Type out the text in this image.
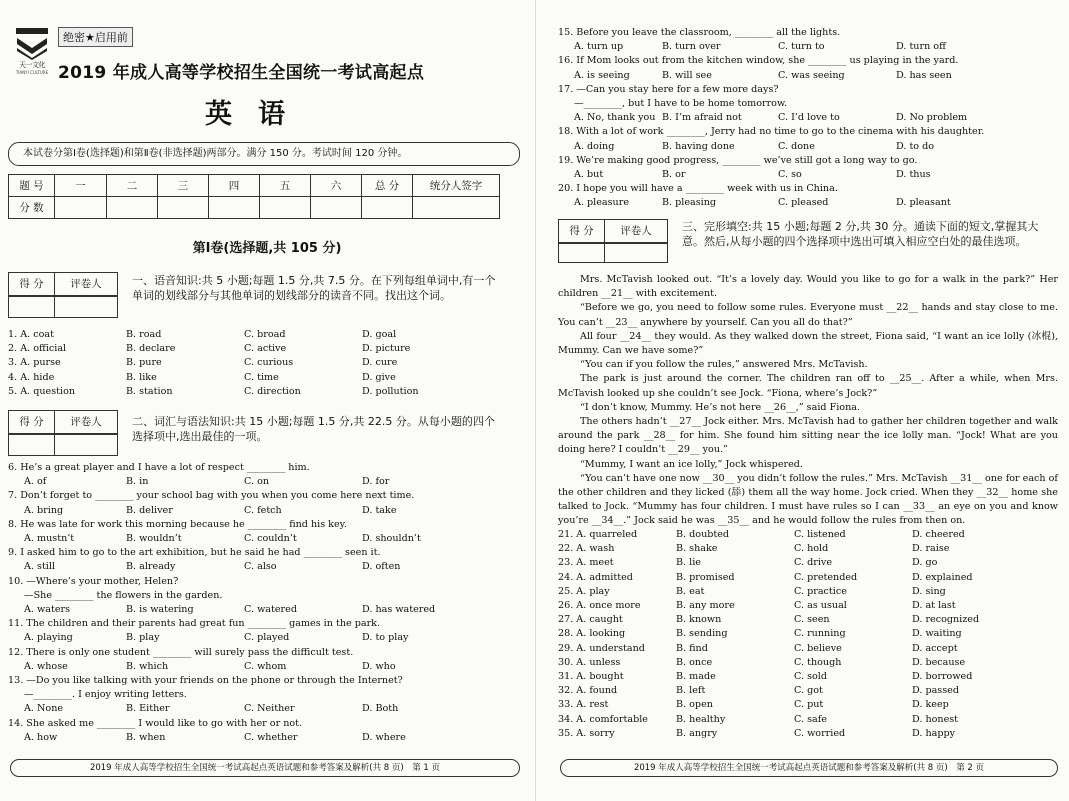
天一文化
TIANYI CULTURE
绝密★启用前
2019 年成人高等学校招生全国统一考试高起点
英语
本试卷分第Ⅰ卷(选择题)和第Ⅱ卷(非选择题)两部分。满分 150 分。考试时间 120 分钟。
题 号	一	二	三	四	五	六	总 分	统分人签字
分 数								
第Ⅰ卷(选择题,共 105 分)
得 分	评卷人	一、语音知识:共 5 小题;每题 1.5 分,共 7.5 分。在下列每组单词中,有一个单词的划线部分与其他单词的划线部分的读音不同。找出这个词。
1. A. coat	B. road	C. broad	D. goal
2. A. official	B. declare	C. active	D. picture
3. A. purse	B. pure	C. curious	D. cure
4. A. hide	B. like	C. time	D. give
5. A. question	B. station	C. direction	D. pollution
得 分	评卷人	二、词汇与语法知识:共 15 小题;每题 1.5 分,共 22.5 分。从每小题的四个选择项中,选出最佳的一项。
6. He’s a great player and I have a lot of respect ________ him.
A. of	B. in	C. on	D. for
7. Don’t forget to ________ your school bag with you when you come here next time.
A. bring	B. deliver	C. fetch	D. take
8. He was late for work this morning because he ________ find his key.
A. mustn’t	B. wouldn’t	C. couldn’t	D. shouldn’t
9. I asked him to go to the art exhibition, but he said he had ________ seen it.
A. still	B. already	C. also	D. often
10. —Where’s your mother, Helen?
—She ________ the flowers in the garden.
A. waters	B. is watering	C. watered	D. has watered
11. The children and their parents had great fun ________ games in the park.
A. playing	B. play	C. played	D. to play
12. There is only one student ________ will surely pass the difficult test.
A. whose	B. which	C. whom	D. who
13. —Do you like talking with your friends on the phone or through the Internet?
—________. I enjoy writing letters.
A. None	B. Either	C. Neither	D. Both
14. She asked me ________ I would like to go with her or not.
A. how	B. when	C. whether	D. where
2019 年成人高等学校招生全国统一考试高起点英语试题和参考答案及解析(共 8 页)　第 1 页
15. Before you leave the classroom, ________ all the lights.
A. turn up	B. turn over	C. turn to	D. turn off
16. If Mom looks out from the kitchen window, she ________ us playing in the yard.
A. is seeing	B. will see	C. was seeing	D. has seen
17. —Can you stay here for a few more days?
—________, but I have to be home tomorrow.
A. No, thank you B. I’m afraid not	C. I’d love to	D. No problem
18. With a lot of work ________, Jerry had no time to go to the cinema with his daughter.
A. doing	B. having done	C. done	D. to do
19. We’re making good progress, ________ we’ve still got a long way to go.
A. but	B. or	C. so	D. thus
20. I hope you will have a ________ week with us in China.
A. pleasure	B. pleasing	C. pleased	D. pleasant
得 分	评卷人	三、完形填空:共 15 小题;每题 2 分,共 30 分。通读下面的短文,掌握其大意。然后,从每小题的四个选择项中选出可填入相应空白处的最佳选项。

Mrs. McTavish looked out. “It’s a lovely day. Would you like to go for a walk in the park?” Her children __21__ with excitement.

“Before we go, you need to follow some rules. Everyone must __22__ hands and stay close to me. You can’t __23__ anywhere by yourself. Can you all do that?”

All four __24__ they would. As they walked down the street, Fiona said, “I want an ice lolly (冰棍), Mummy. Can we have some?”

“You can if you follow the rules,” answered Mrs. McTavish.

The park is just around the corner. The children ran off to __25__. After a while, when Mrs. McTavish looked up she couldn’t see Jock. “Fiona, where’s Jock?”

“I don’t know, Mummy. He’s not here __26__,” said Fiona.

The others hadn’t __27__ Jock either. Mrs. McTavish had to gather her children together and walk around the park __28__ for him. She found him sitting near the ice lolly man. “Jock! What are you doing here? I couldn’t __29__ you.”

“Mummy, I want an ice lolly,” Jock whispered.

“You can’t have one now __30__ you didn’t follow the rules.” Mrs. McTavish __31__ one for each of the other children and they licked (舔) them all the way home. Jock cried. When they __32__ home she talked to Jock. “Mummy has four children. I must have rules so I can __33__ an eye on you and know you’re __34__.” Jock said he was __35__ and he would follow the rules from then on.

21. A. quarreled	B. doubted	C. listened	D. cheered
22. A. wash	B. shake	C. hold	D. raise
23. A. meet	B. lie	C. drive	D. go
24. A. admitted	B. promised	C. pretended	D. explained
25. A. play	B. eat	C. practice	D. sing
26. A. once more	B. any more	C. as usual	D. at last
27. A. caught	B. known	C. seen	D. recognized
28. A. looking	B. sending	C. running	D. waiting
29. A. understand	B. find	C. believe	D. accept
30. A. unless	B. once	C. though	D. because
31. A. bought	B. made	C. sold	D. borrowed
32. A. found	B. left	C. got	D. passed
33. A. rest	B. open	C. put	D. keep
34. A. comfortable	B. healthy	C. safe	D. honest
35. A. sorry	B. angry	C. worried	D. happy
2019 年成人高等学校招生全国统一考试高起点英语试题和参考答案及解析(共 8 页)　第 2 页
